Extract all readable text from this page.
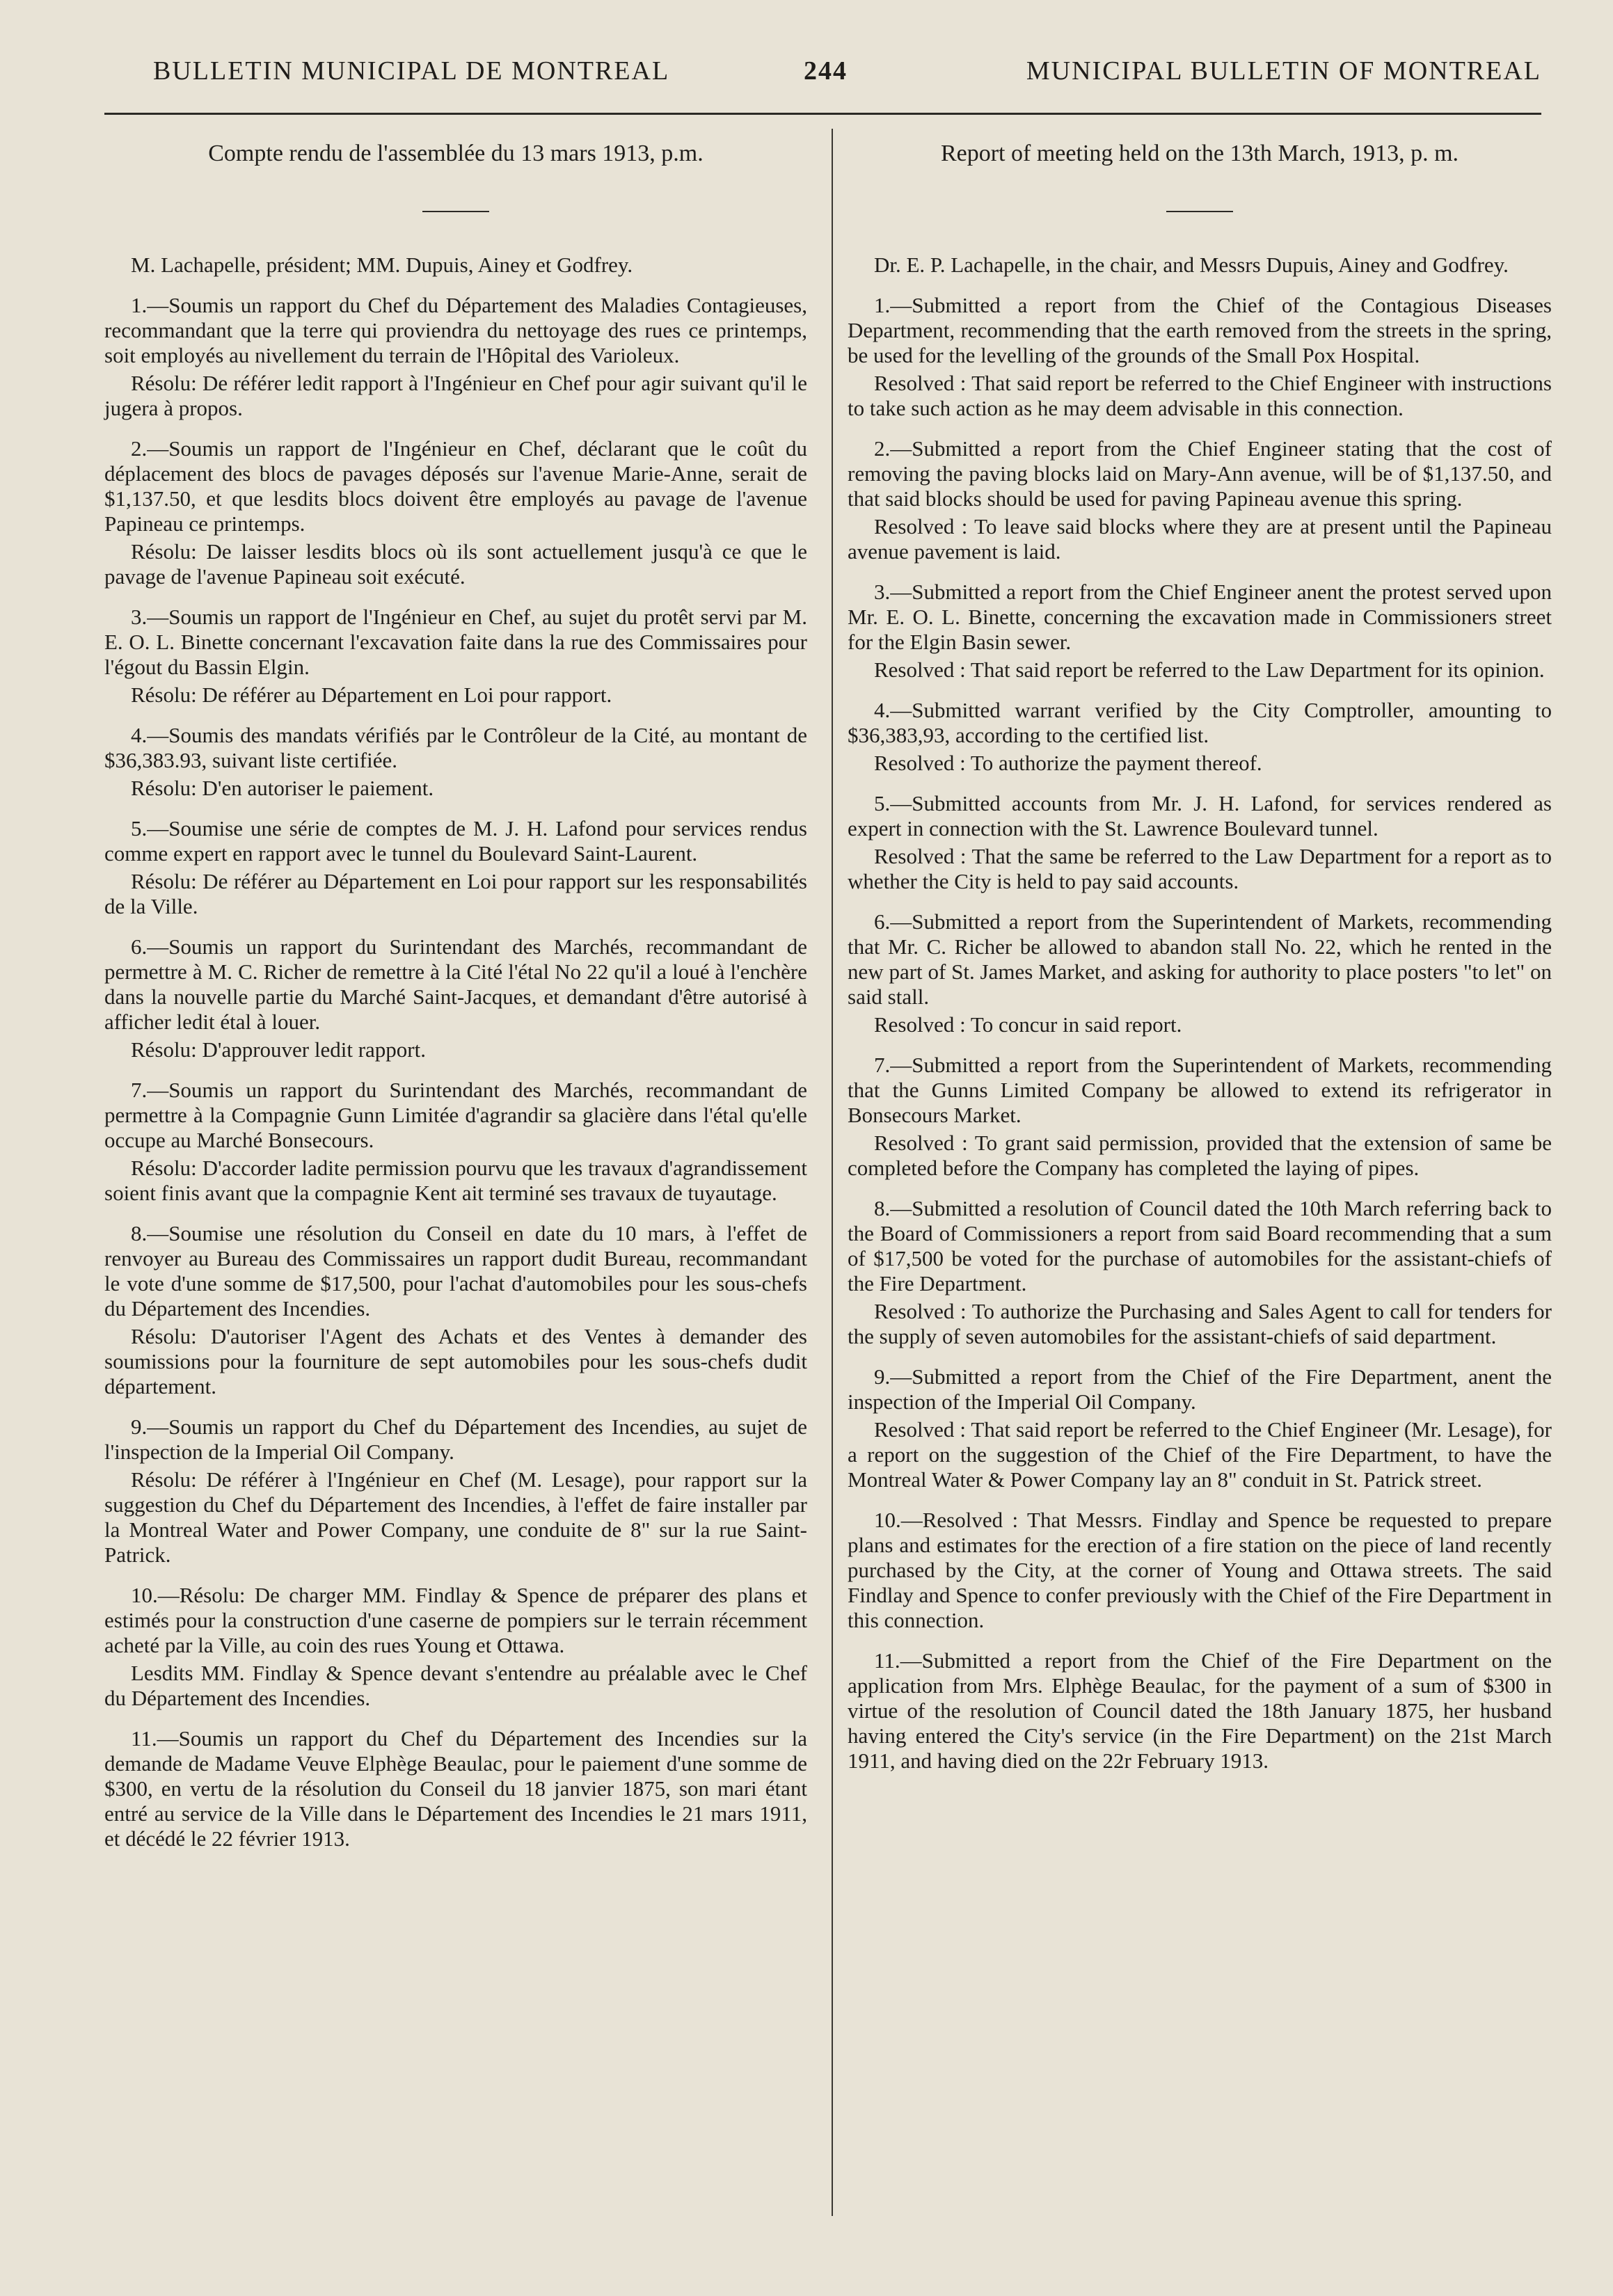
BULLETIN MUNICIPAL DE MONTREAL	244	MUNICIPAL BULLETIN OF MONTREAL

Compte rendu de l'assemblée du 13 mars 1913, p.m.

M. Lachapelle, président; MM. Dupuis, Ainey et Godfrey.

1.—Soumis un rapport du Chef du Département des Maladies Contagieuses, recommandant que la terre qui proviendra du nettoyage des rues ce printemps, soit employés au nivellement du terrain de l'Hôpital des Varioleux.

Résolu: De référer ledit rapport à l'Ingénieur en Chef pour agir suivant qu'il le jugera à propos.

2.—Soumis un rapport de l'Ingénieur en Chef, déclarant que le coût du déplacement des blocs de pavages déposés sur l'avenue Marie-Anne, serait de $1,137.50, et que lesdits blocs doivent être employés au pavage de l'avenue Papineau ce printemps.

Résolu: De laisser lesdits blocs où ils sont actuellement jusqu'à ce que le pavage de l'avenue Papineau soit exécuté.

3.—Soumis un rapport de l'Ingénieur en Chef, au sujet du protêt servi par M. E. O. L. Binette concernant l'excavation faite dans la rue des Commissaires pour l'égout du Bassin Elgin.

Résolu: De référer au Département en Loi pour rapport.

4.—Soumis des mandats vérifiés par le Contrôleur de la Cité, au montant de $36,383.93, suivant liste certifiée.

Résolu: D'en autoriser le paiement.

5.—Soumise une série de comptes de M. J. H. Lafond pour services rendus comme expert en rapport avec le tunnel du Boulevard Saint-Laurent.

Résolu: De référer au Département en Loi pour rapport sur les responsabilités de la Ville.

6.—Soumis un rapport du Surintendant des Marchés, recommandant de permettre à M. C. Richer de remettre à la Cité l'étal No 22 qu'il a loué à l'enchère dans la nouvelle partie du Marché Saint-Jacques, et demandant d'être autorisé à afficher ledit étal à louer.

Résolu: D'approuver ledit rapport.

7.—Soumis un rapport du Surintendant des Marchés, recommandant de permettre à la Compagnie Gunn Limitée d'agrandir sa glacière dans l'étal qu'elle occupe au Marché Bonsecours.

Résolu: D'accorder ladite permission pourvu que les travaux d'agrandissement soient finis avant que la compagnie Kent ait terminé ses travaux de tuyautage.

8.—Soumise une résolution du Conseil en date du 10 mars, à l'effet de renvoyer au Bureau des Commissaires un rapport dudit Bureau, recommandant le vote d'une somme de $17,500, pour l'achat d'automobiles pour les sous-chefs du Département des Incendies.

Résolu: D'autoriser l'Agent des Achats et des Ventes à demander des soumissions pour la fourniture de sept automobiles pour les sous-chefs dudit département.

9.—Soumis un rapport du Chef du Département des Incendies, au sujet de l'inspection de la Imperial Oil Company.

Résolu: De référer à l'Ingénieur en Chef (M. Lesage), pour rapport sur la suggestion du Chef du Département des Incendies, à l'effet de faire installer par la Montreal Water and Power Company, une conduite de 8" sur la rue Saint-Patrick.

10.—Résolu: De charger MM. Findlay & Spence de préparer des plans et estimés pour la construction d'une caserne de pompiers sur le terrain récemment acheté par la Ville, au coin des rues Young et Ottawa.

Lesdits MM. Findlay & Spence devant s'entendre au préalable avec le Chef du Département des Incendies.

11.—Soumis un rapport du Chef du Département des Incendies sur la demande de Madame Veuve Elphège Beaulac, pour le paiement d'une somme de $300, en vertu de la résolution du Conseil du 18 janvier 1875, son mari étant entré au service de la Ville dans le Département des Incendies le 21 mars 1911, et décédé le 22 février 1913.

Report of meeting held on the 13th March, 1913, p. m.

Dr. E. P. Lachapelle, in the chair, and Messrs Dupuis, Ainey and Godfrey.

1.—Submitted a report from the Chief of the Contagious Diseases Department, recommending that the earth removed from the streets in the spring, be used for the levelling of the grounds of the Small Pox Hospital.

Resolved : That said report be referred to the Chief Engineer with instructions to take such action as he may deem advisable in this connection.

2.—Submitted a report from the Chief Engineer stating that the cost of removing the paving blocks laid on Mary-Ann avenue, will be of $1,137.50, and that said blocks should be used for paving Papineau avenue this spring.

Resolved : To leave said blocks where they are at present until the Papineau avenue pavement is laid.

3.—Submitted a report from the Chief Engineer anent the protest served upon Mr. E. O. L. Binette, concerning the excavation made in Commissioners street for the Elgin Basin sewer.

Resolved : That said report be referred to the Law Department for its opinion.

4.—Submitted warrant verified by the City Comptroller, amounting to $36,383,93, according to the certified list.

Resolved : To authorize the payment thereof.

5.—Submitted accounts from Mr. J. H. Lafond, for services rendered as expert in connection with the St. Lawrence Boulevard tunnel.

Resolved : That the same be referred to the Law Department for a report as to whether the City is held to pay said accounts.

6.—Submitted a report from the Superintendent of Markets, recommending that Mr. C. Richer be allowed to abandon stall No. 22, which he rented in the new part of St. James Market, and asking for authority to place posters "to let" on said stall.

Resolved : To concur in said report.

7.—Submitted a report from the Superintendent of Markets, recommending that the Gunns Limited Company be allowed to extend its refrigerator in Bonsecours Market.

Resolved : To grant said permission, provided that the extension of same be completed before the Company has completed the laying of pipes.

8.—Submitted a resolution of Council dated the 10th March referring back to the Board of Commissioners a report from said Board recommending that a sum of $17,500 be voted for the purchase of automobiles for the assistant-chiefs of the Fire Department.

Resolved : To authorize the Purchasing and Sales Agent to call for tenders for the supply of seven automobiles for the assistant-chiefs of said department.

9.—Submitted a report from the Chief of the Fire Department, anent the inspection of the Imperial Oil Company.

Resolved : That said report be referred to the Chief Engineer (Mr. Lesage), for a report on the suggestion of the Chief of the Fire Department, to have the Montreal Water & Power Company lay an 8" conduit in St. Patrick street.

10.—Resolved : That Messrs. Findlay and Spence be requested to prepare plans and estimates for the erection of a fire station on the piece of land recently purchased by the City, at the corner of Young and Ottawa streets. The said Findlay and Spence to confer previously with the Chief of the Fire Department in this connection.

11.—Submitted a report from the Chief of the Fire Department on the application from Mrs. Elphège Beaulac, for the payment of a sum of $300 in virtue of the resolution of Council dated the 18th January 1875, her husband having entered the City's service (in the Fire Department) on the 21st March 1911, and having died on the 22r February 1913.
